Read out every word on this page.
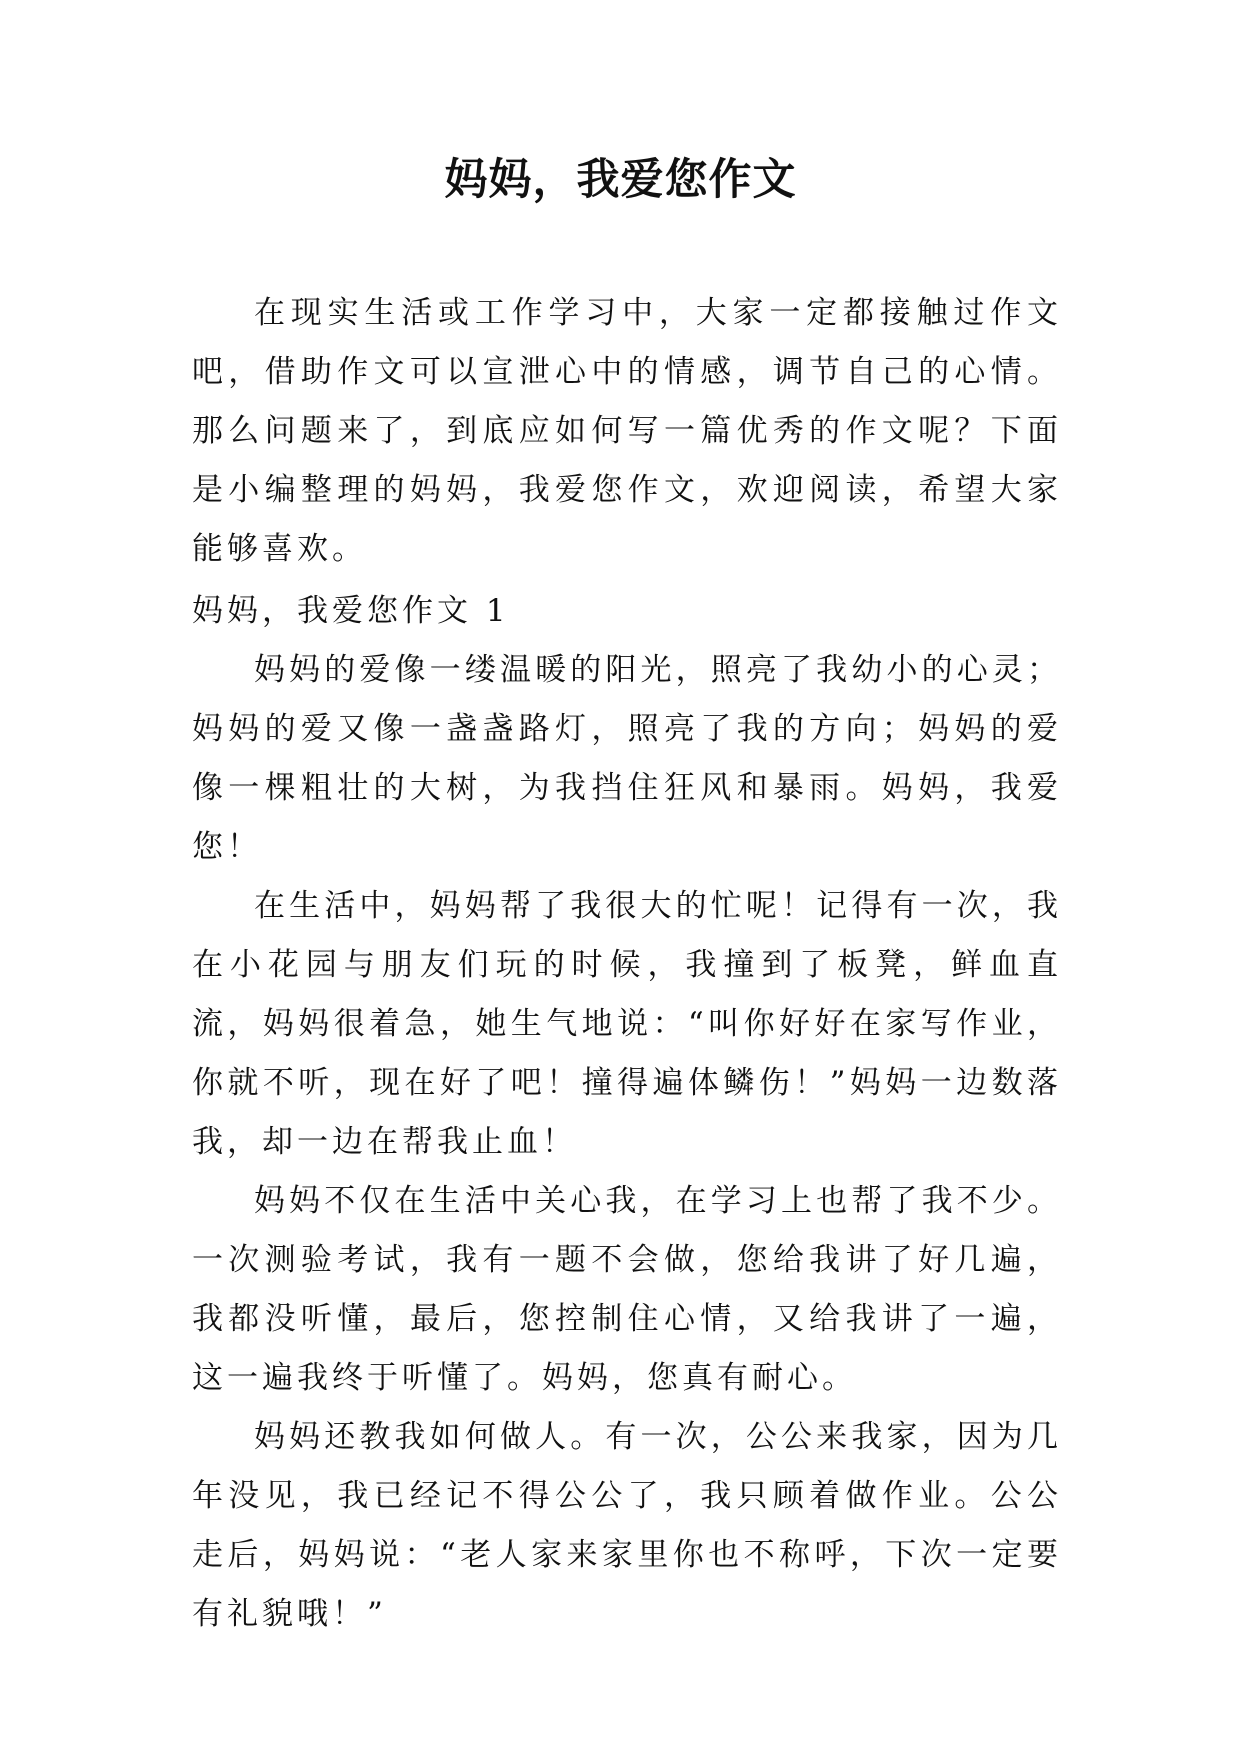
妈妈，我爱您作文

在现实生活或工作学习中，大家一定都接触过作文吧，借助作文可以宣泄心中的情感，调节自己的心情。那么问题来了，到底应如何写一篇优秀的作文呢？下面是小编整理的妈妈，我爱您作文，欢迎阅读，希望大家能够喜欢。

妈妈，我爱您作文 1

妈妈的爱像一缕温暖的阳光，照亮了我幼小的心灵；妈妈的爱又像一盏盏路灯，照亮了我的方向；妈妈的爱像一棵粗壮的大树，为我挡住狂风和暴雨。妈妈，我爱您！

在生活中，妈妈帮了我很大的忙呢！记得有一次，我在小花园与朋友们玩的时候，我撞到了板凳，鲜血直流，妈妈很着急，她生气地说：“叫你好好在家写作业，你就不听，现在好了吧！撞得遍体鳞伤！”妈妈一边数落我，却一边在帮我止血！

妈妈不仅在生活中关心我，在学习上也帮了我不少。一次测验考试，我有一题不会做，您给我讲了好几遍，我都没听懂，最后，您控制住心情，又给我讲了一遍，这一遍我终于听懂了。妈妈，您真有耐心。

妈妈还教我如何做人。有一次，公公来我家，因为几年没见，我已经记不得公公了，我只顾着做作业。公公走后，妈妈说：“老人家来家里你也不称呼，下次一定要有礼貌哦！”
